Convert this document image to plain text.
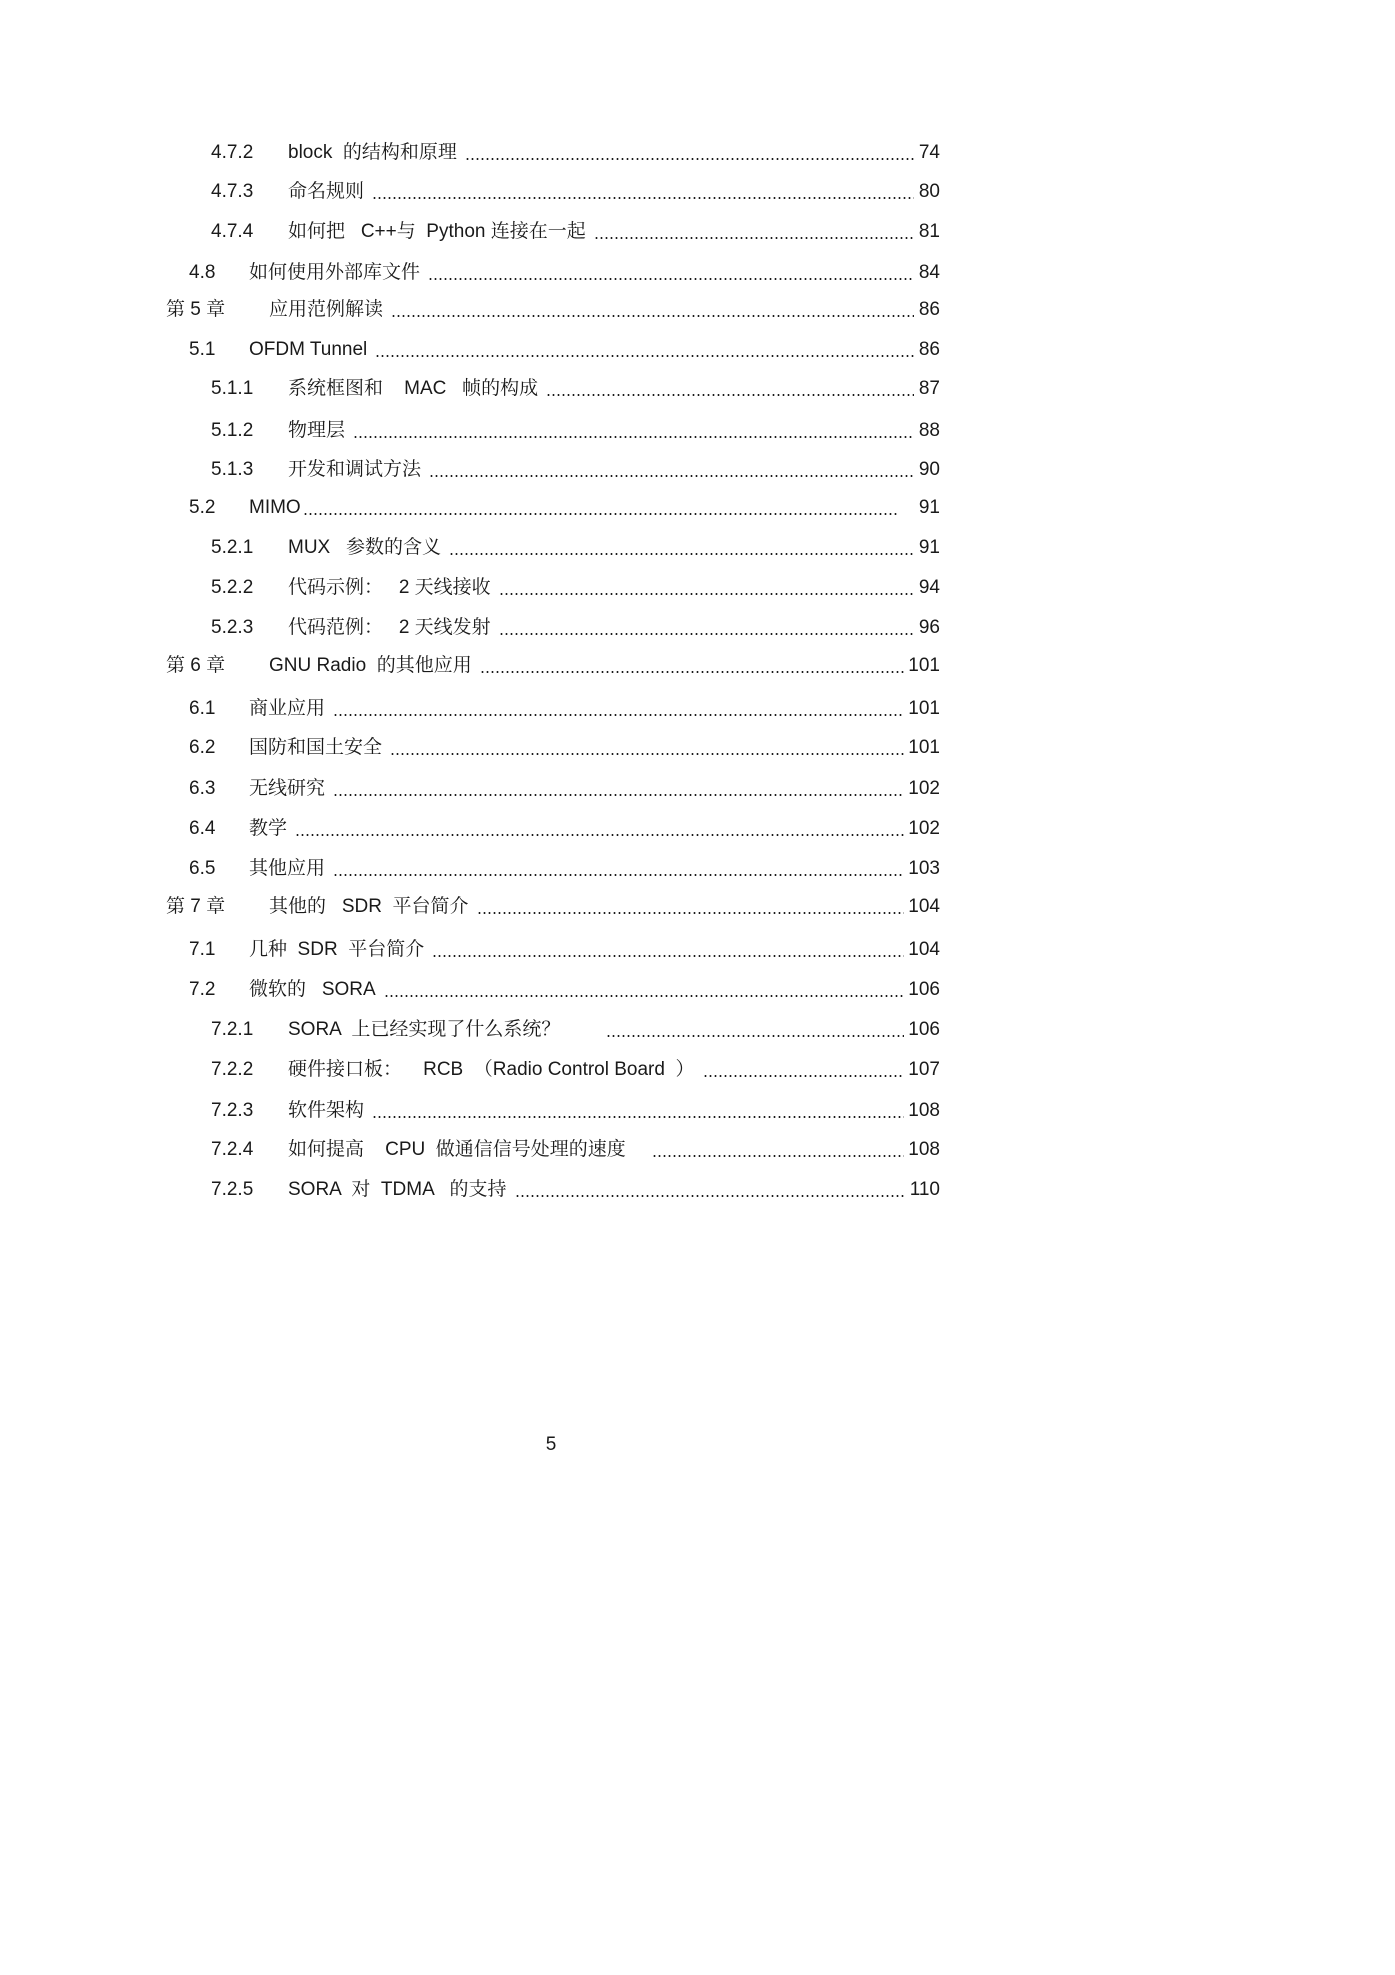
4.7.2	block  的结构和原理	74
4.7.3	命名规则	80
4.7.4	如何把   C++与  Python 连接在一起	81
4.8	如何使用外部库文件	84
第 5 章	应用范例解读	86
5.1	OFDM Tunnel	86
5.1.1	系统框图和    MAC   帧的构成	87
5.1.2	物理层	88
5.1.3	开发和调试方法	90
5.2	MIMO	91
5.2.1	MUX   参数的含义	91
5.2.2	代码示例：   2 天线接收	94
5.2.3	代码范例：   2 天线发射	96
第 6 章	GNU Radio  的其他应用	101
6.1	商业应用	101
6.2	国防和国土安全	101
6.3	无线研究	102
6.4	教学	102
6.5	其他应用	103
第 7 章	其他的   SDR  平台简介	104
7.1	几种  SDR  平台简介	104
7.2	微软的   SORA	106
7.2.1	SORA  上已经实现了什么系统？	106
7.2.2	硬件接口板：    RCB  （Radio Control Board  ）	107
7.2.3	软件架构	108
7.2.4	如何提高    CPU  做通信信号处理的速度	108
7.2.5	SORA  对  TDMA   的支持	110
5
